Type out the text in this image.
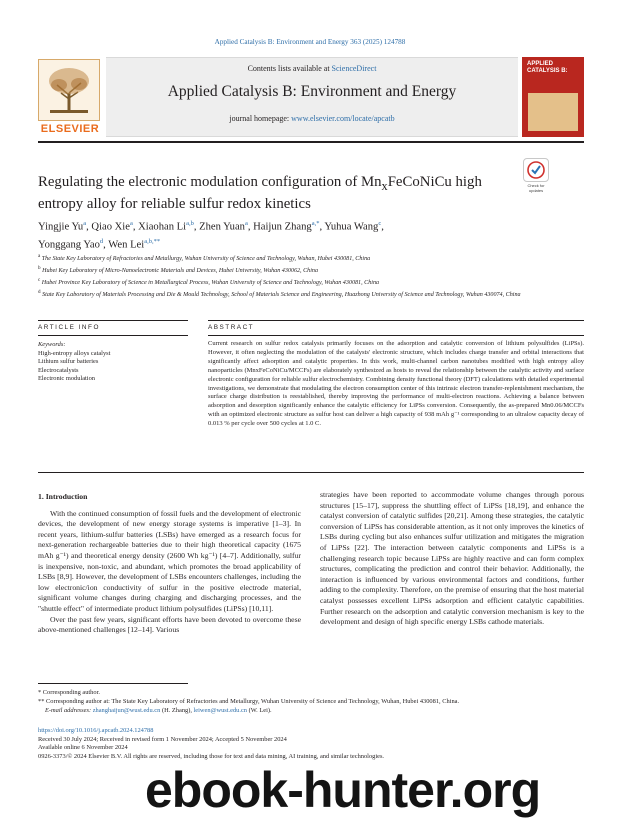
Applied Catalysis B: Environment and Energy 363 (2025) 124788
ELSEVIER
Contents lists available at ScienceDirect
Applied Catalysis B: Environment and Energy
journal homepage: www.elsevier.com/locate/apcatb
APPLIED CATALYSIS B:
Regulating the electronic modulation configuration of $Mn_xFeCoNiCu$ high entropy alloy for reliable sulfur redox kinetics
Check for updates
Yingjie Yu$^a$, Qiao Xie$^a$, Xiaohan Li$^{a,b}$, Zhen Yuan$^a$, Haijun Zhang$^{a,*}$, Yuhua Wang$^c$,
Yonggang Yao$^d$, Wen Lei$^{a,b,**}$
$^a$ The State Key Laboratory of Refractories and Metallurgy, Wuhan University of Science and Technology, Wuhan, Hubei 430081, China
$^b$ Hubei Key Laboratory of Micro-Nanoelectronic Materials and Devices, Hubei University, Wuhan 430062, China
$^c$ Hubei Province Key Laboratory of Science in Metallurgical Process, Wuhan University of Science and Technology, Wuhan 430081, China
$^d$ State Key Laboratory of Materials Processing and Die & Mould Technology, School of Materials Science and Engineering, Huazhong University of Science and Technology, Wuhan 430074, China
ARTICLE INFO	ABSTRACT
Keywords:
High-entropy alloys catalyst
Lithium sulfur batteries
Electrocatalysts
Electronic modulation
Current research on sulfur redox catalysis primarily focuses on the adsorption and catalytic conversion of lithium polysulfides (LiPSs). However, it often neglecting the modulation of the catalysts' electronic structure, which includes charge transfer and orbital interactions that significantly affect adsorption and catalytic properties. In this work, multi-channel carbon nanotubes modified with high entropy alloy nanoparticles (MnxFeCoNiCu/MCCFs) are elaborately synthesized as hosts to reveal the relationship between the catalytic activity and surface electronic configuration for reliable sulfur electrochemistry. Combining density functional theory (DFT) calculations with detailed experimental investigations, we demonstrate that modulating the electron consumption center of this intrinsic electron transfer-replenishment mechanism, the surface charge distribution is reestablished, thereby improving the performance of multi-electron reactions. Achieving a balance between adsorption and desorption significantly enhance the catalytic efficiency for LiPSs conversion. Consequently, the as-prepared Mn0.06/MCCFs with an optimized electronic structure as sulfur host can deliver a high capacity of 938 mAh g⁻¹ corresponding to an ultralow capacity decay of 0.013 % per cycle over 500 cycles at 1.0 C.
1. Introduction

With the continued consumption of fossil fuels and the development of electronic devices, the development of new energy storage systems is imperative [1–3]. In recent years, lithium-sulfur batteries (LSBs) have emerged as a research focus for next-generation rechargeable batteries due to their high theoretical capacity (1675 mAh g⁻¹) and theoretical energy density (2600 Wh kg⁻¹) [4–7]. Additionally, sulfur is inexpensive, non-toxic, and abundant, which promotes the broad applicability of LSBs [8,9]. However, the development of LSBs encounters challenges, including the low electronic/ion conductivity of sulfur in the positive electrode material, significant volume changes during charging and discharging processes, and the "shuttle effect" of intermediate product lithium polysulfides (LiPSs) [10,11].

Over the past few years, significant efforts have been devoted to overcome these above-mentioned challenges [12–14]. Various

strategies have been reported to accommodate volume changes through porous structures [15–17], suppress the shuttling effect of LiPSs [18,19], and enhance the catalyst conversion of catalytic sulfides [20,21]. Among these strategies, the catalytic conversion of LiPSs has considerable attention, as it not only improves the kinetics of LSBs during cycling but also enhances sulfur utilization and mitigates the migration of LiPSs [22]. The interaction between catalytic components and LiPSs is a challenging research topic because LiPSs are highly reactive and can form complex structures, complicating the prediction and control their behavior. Additionally, the interaction is influenced by various environmental factors and conditions, further adding to the complexity. Therefore, on the premise of ensuring that the host material catalyst possesses excellent LiPSs adsorption and efficient catalytic capabilities. Further research on the adsorption and catalytic conversion mechanism is key to the development and design of high specific energy LSBs cathode materials.

* Corresponding author.
** Corresponding author at: The State Key Laboratory of Refractories and Metallurgy, Wuhan University of Science and Technology, Wuhan, Hubei 430081, China.
E-mail addresses: zhanghaijun@wust.edu.cn (H. Zhang), leiwen@wust.edu.cn (W. Lei).
https://doi.org/10.1016/j.apcatb.2024.124788
Received 30 July 2024; Received in revised form 1 November 2024; Accepted 5 November 2024
Available online 6 November 2024
0926-3373/© 2024 Elsevier B.V. All rights are reserved, including those for text and data mining, AI training, and similar technologies.
ebook-hunter.org
